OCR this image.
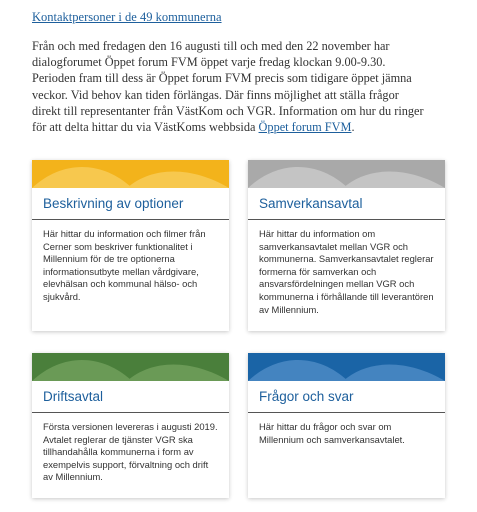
Kontaktpersoner i de 49 kommunerna

Från och med fredagen den 16 augusti till och med den 22 november har
dialogforumet Öppet forum FVM öppet varje fredag klockan 9.00-9.30.
Perioden fram till dess är Öppet forum FVM precis som tidigare öppet jämna
veckor. Vid behov kan tiden förlängas. Där finns möjlighet att ställa frågor
direkt till representanter från VästKom och VGR. Information om hur du ringer
för att delta hittar du via VästKoms webbsida Öppet forum FVM.

Beskrivning av optioner
Här hittar du information och filmer från Cerner som beskriver funktionalitet i Millennium för de tre optionerna informationsutbyte mellan vårdgivare, elevhälsan och kommunal hälso- och sjukvård.
Samverkansavtal
Här hittar du information om samverkansavtalet mellan VGR och kommunerna. Samverkansavtalet reglerar formerna för samverkan och ansvarsfördelningen mellan VGR och kommunerna i förhållande till leverantören av Millennium.
Driftsavtal
Första versionen levereras i augusti 2019. Avtalet reglerar de tjänster VGR ska tillhandahålla kommunerna i form av exempelvis support, förvaltning och drift av Millennium.
Frågor och svar
Här hittar du frågor och svar om Millennium och samverkansavtalet.
